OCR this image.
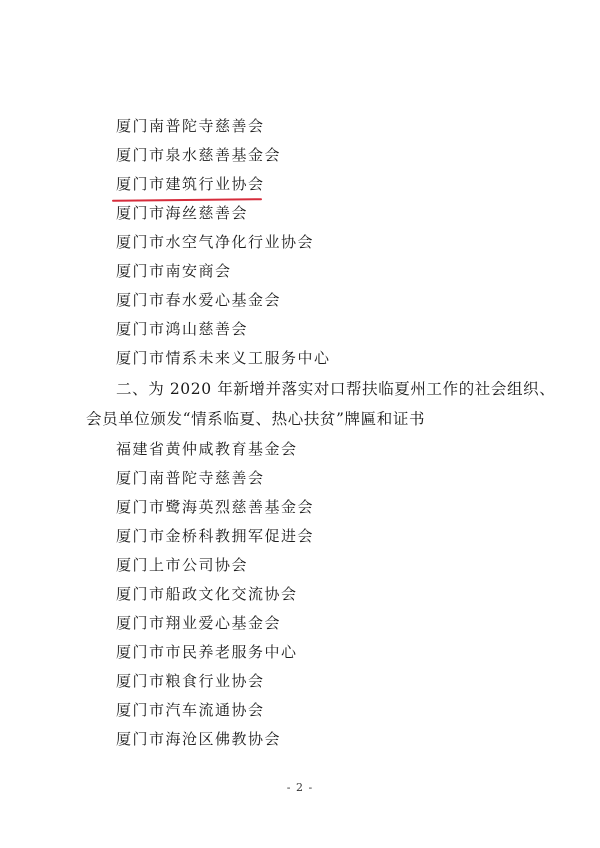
厦门南普陀寺慈善会
厦门市泉水慈善基金会
厦门市建筑行业协会
厦门市海丝慈善会
厦门市水空气净化行业协会
厦门市南安商会
厦门市春水爱心基金会
厦门市鸿山慈善会
厦门市情系未来义工服务中心
二、为 2020 年新增并落实对口帮扶临夏州工作的社会组织、
会员单位颁发“情系临夏、热心扶贫”牌匾和证书
福建省黄仲咸教育基金会
厦门南普陀寺慈善会
厦门市鹭海英烈慈善基金会
厦门市金桥科教拥军促进会
厦门上市公司协会
厦门市船政文化交流协会
厦门市翔业爱心基金会
厦门市市民养老服务中心
厦门市粮食行业协会
厦门市汽车流通协会
厦门市海沧区佛教协会
- 2 -
